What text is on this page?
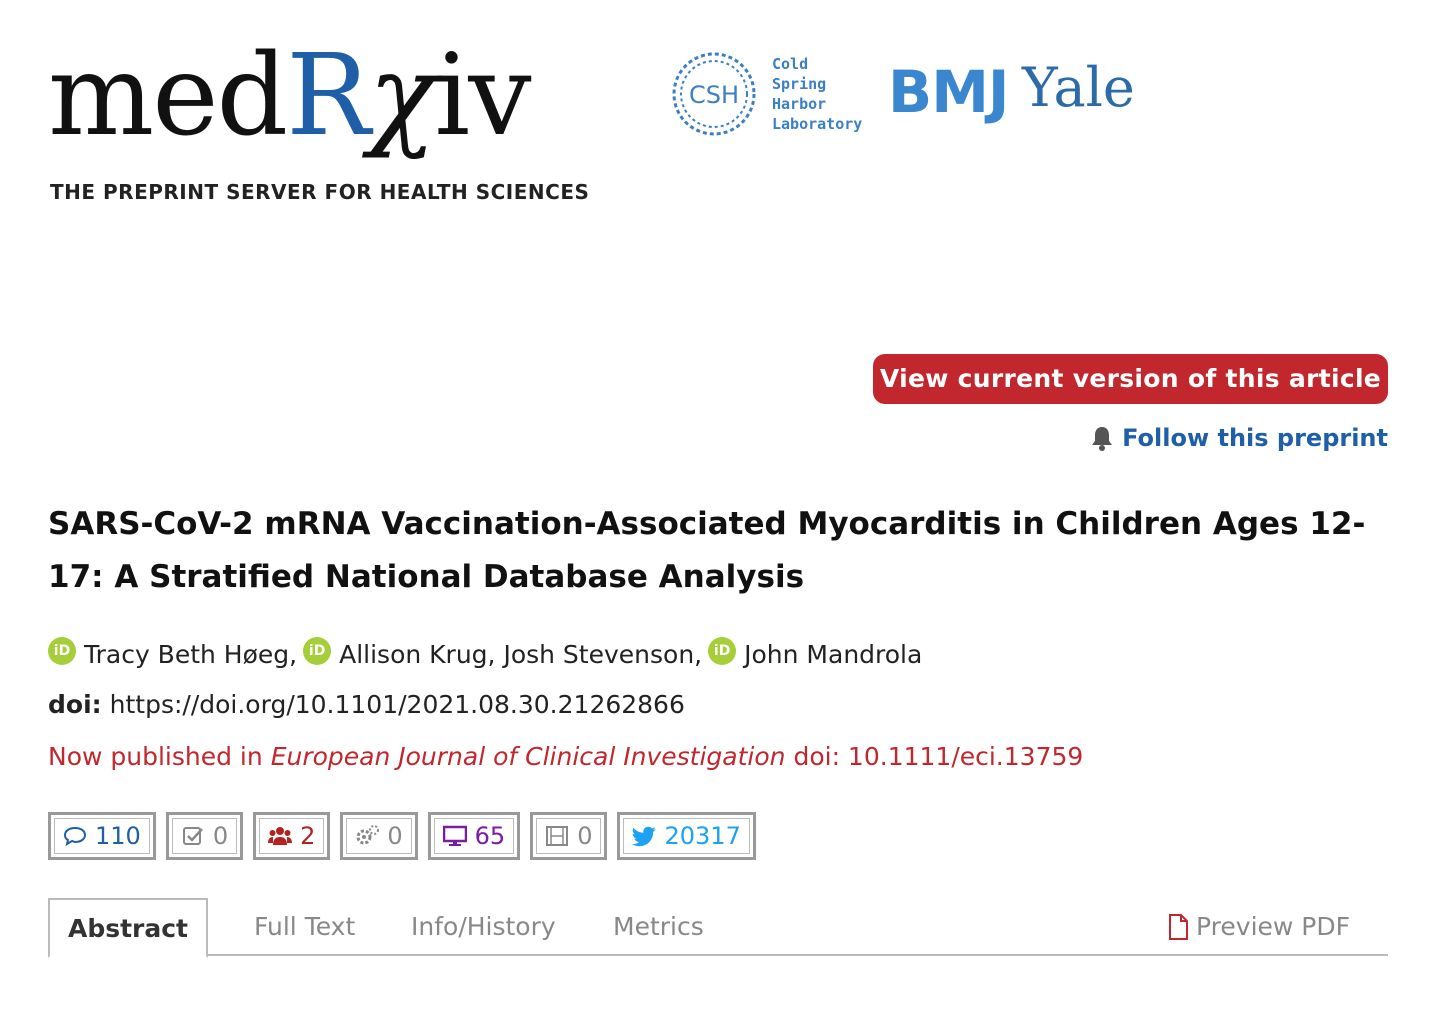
medRχiv
THE PREPRINT SERVER FOR HEALTH SCIENCES
CSH
Cold
Spring
Harbor
Laboratory BMJ Yale
View current version of this article
Follow this preprint
SARS-CoV-2 mRNA Vaccination-Associated Myocarditis in Children Ages 12-17: A Stratified National Database Analysis
iD Tracy Beth Høeg, iD Allison Krug, Josh Stevenson, iD John Mandrola
doi: https://doi.org/10.1101/2021.08.30.21262866
Now published in European Journal of Clinical Investigation doi: 10.1111/eci.13759
110	0	2	0	65	0	20317
Abstract	Full Text Info/History Metrics	Preview PDF
